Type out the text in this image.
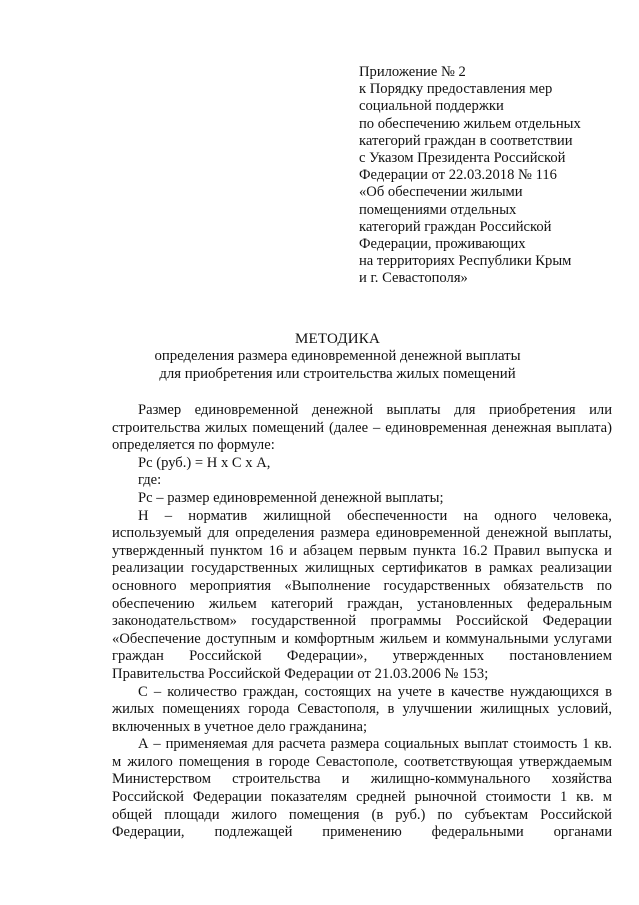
Приложение № 2
к Порядку предоставления мер
социальной поддержки
по обеспечению жильем отдельных
категорий граждан в соответствии
с Указом Президента Российской
Федерации от 22.03.2018 № 116
«Об обеспечении жилыми
помещениями отдельных
категорий граждан Российской
Федерации, проживающих
на территориях Республики Крым
и г. Севастополя»
МЕТОДИКА
определения размера единовременной денежной выплаты
для приобретения или строительства жилых помещений

Размер единовременной денежной выплаты для приобретения или строительства жилых помещений (далее – единовременная денежная выплата) определяется по формуле:

Рс (руб.) = Н х С х А,

где:

Рс – размер единовременной денежной выплаты;

Н – норматив жилищной обеспеченности на одного человека, используемый для определения размера единовременной денежной выплаты, утвержденный пунктом 16 и абзацем первым пункта 16.2 Правил выпуска и реализации государственных жилищных сертификатов в рамках реализации основного мероприятия «Выполнение государственных обязательств по обеспечению жильем категорий граждан, установленных федеральным законодательством» государственной программы Российской Федерации «Обеспечение доступным и комфортным жильем и коммунальными услугами граждан Российской Федерации», утвержденных постановлением Правительства Российской Федерации от 21.03.2006 № 153;

С – количество граждан, состоящих на учете в качестве нуждающихся в жилых помещениях города Севастополя, в улучшении жилищных условий, включенных в учетное дело гражданина;

А – применяемая для расчета размера социальных выплат стоимость 1 кв. м жилого помещения в городе Севастополе, соответствующая утверждаемым Министерством строительства и жилищно-коммунального хозяйства Российской Федерации показателям средней рыночной стоимости 1 кв. м общей площади жилого помещения (в руб.) по субъектам Российской Федерации, подлежащей применению федеральными органами
